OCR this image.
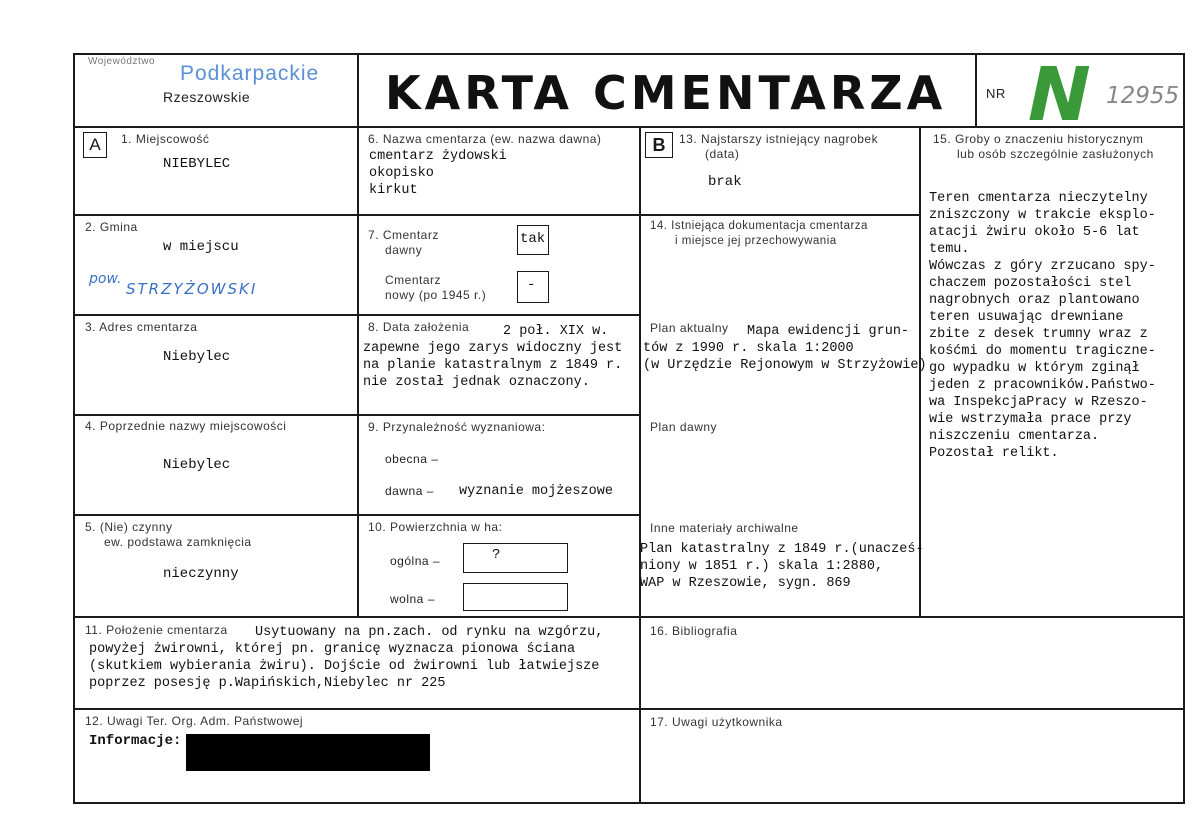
Województwo
Podkarpackie
Rzeszowskie	KARTA CMENTARZA	NR N 12955
A	B
1. Miejscowość
NIEBYLEC
2. Gmina
w miejscu
pow.
STRZYŻOWSKI
3. Adres cmentarza
Niebylec
4. Poprzednie nazwy miejscowości
Niebylec
5. (Nie) czynny
ew. podstawa zamknięcia
nieczynny
6. Nazwa cmentarza (ew. nazwa dawna)
cmentarz żydowski
okopisko
kirkut
7. Cmentarz
dawny
tak
Cmentarz
nowy (po 1945 r.)
-
8. Data założenia	2 poł. XIX w.
zapewne jego zarys widoczny jest
na planie katastralnym z 1849 r.
nie został jednak oznaczony.
9. Przynależność wyznaniowa:
obecna –
dawna – wyznanie mojżeszowe
10. Powierzchnia w ha:
ogólna –	?
wolna –
11. Położenie cmentarza Usytuowany na pn.zach. od rynku na wzgórzu,
powyżej żwirowni, której pn. granicę wyznacza pionowa ściana
(skutkiem wybierania żwiru). Dojście od żwirowni lub łatwiejsze
poprzez posesję p.Wapińskich,Niebylec nr 225
12. Uwagi Ter. Org. Adm. Państwowej
Informacje:
13. Najstarszy istniejący nagrobek
(data)
brak
14. Istniejąca dokumentacja cmentarza
i miejsce jej przechowywania
Plan aktualny Mapa ewidencji grun-
tów z 1990 r. skala 1:2000
(w Urzędzie Rejonowym w Strzyżowie)
Plan dawny
Inne materiały archiwalne
Plan katastralny z 1849 r.(unacześ-
niony w 1851 r.) skala 1:2880,
WAP w Rzeszowie, sygn. 869
15. Groby o znaczeniu historycznym
lub osób szczególnie zasłużonych
Teren cmentarza nieczytelny
zniszczony w trakcie eksplo-
atacji żwiru około 5-6 lat
temu.
Wówczas z góry zrzucano spy-
chaczem pozostałości stel
nagrobnych oraz plantowano
teren usuwając drewniane
zbite z desek trumny wraz z
kośćmi do momentu tragiczne-
go wypadku w którym zginął
jeden z pracowników.Państwo-
wa InspekcjaPracy w Rzeszo-
wie wstrzymała prace przy
niszczeniu cmentarza.
Pozostał relikt.
16. Bibliografia
17. Uwagi użytkownika
